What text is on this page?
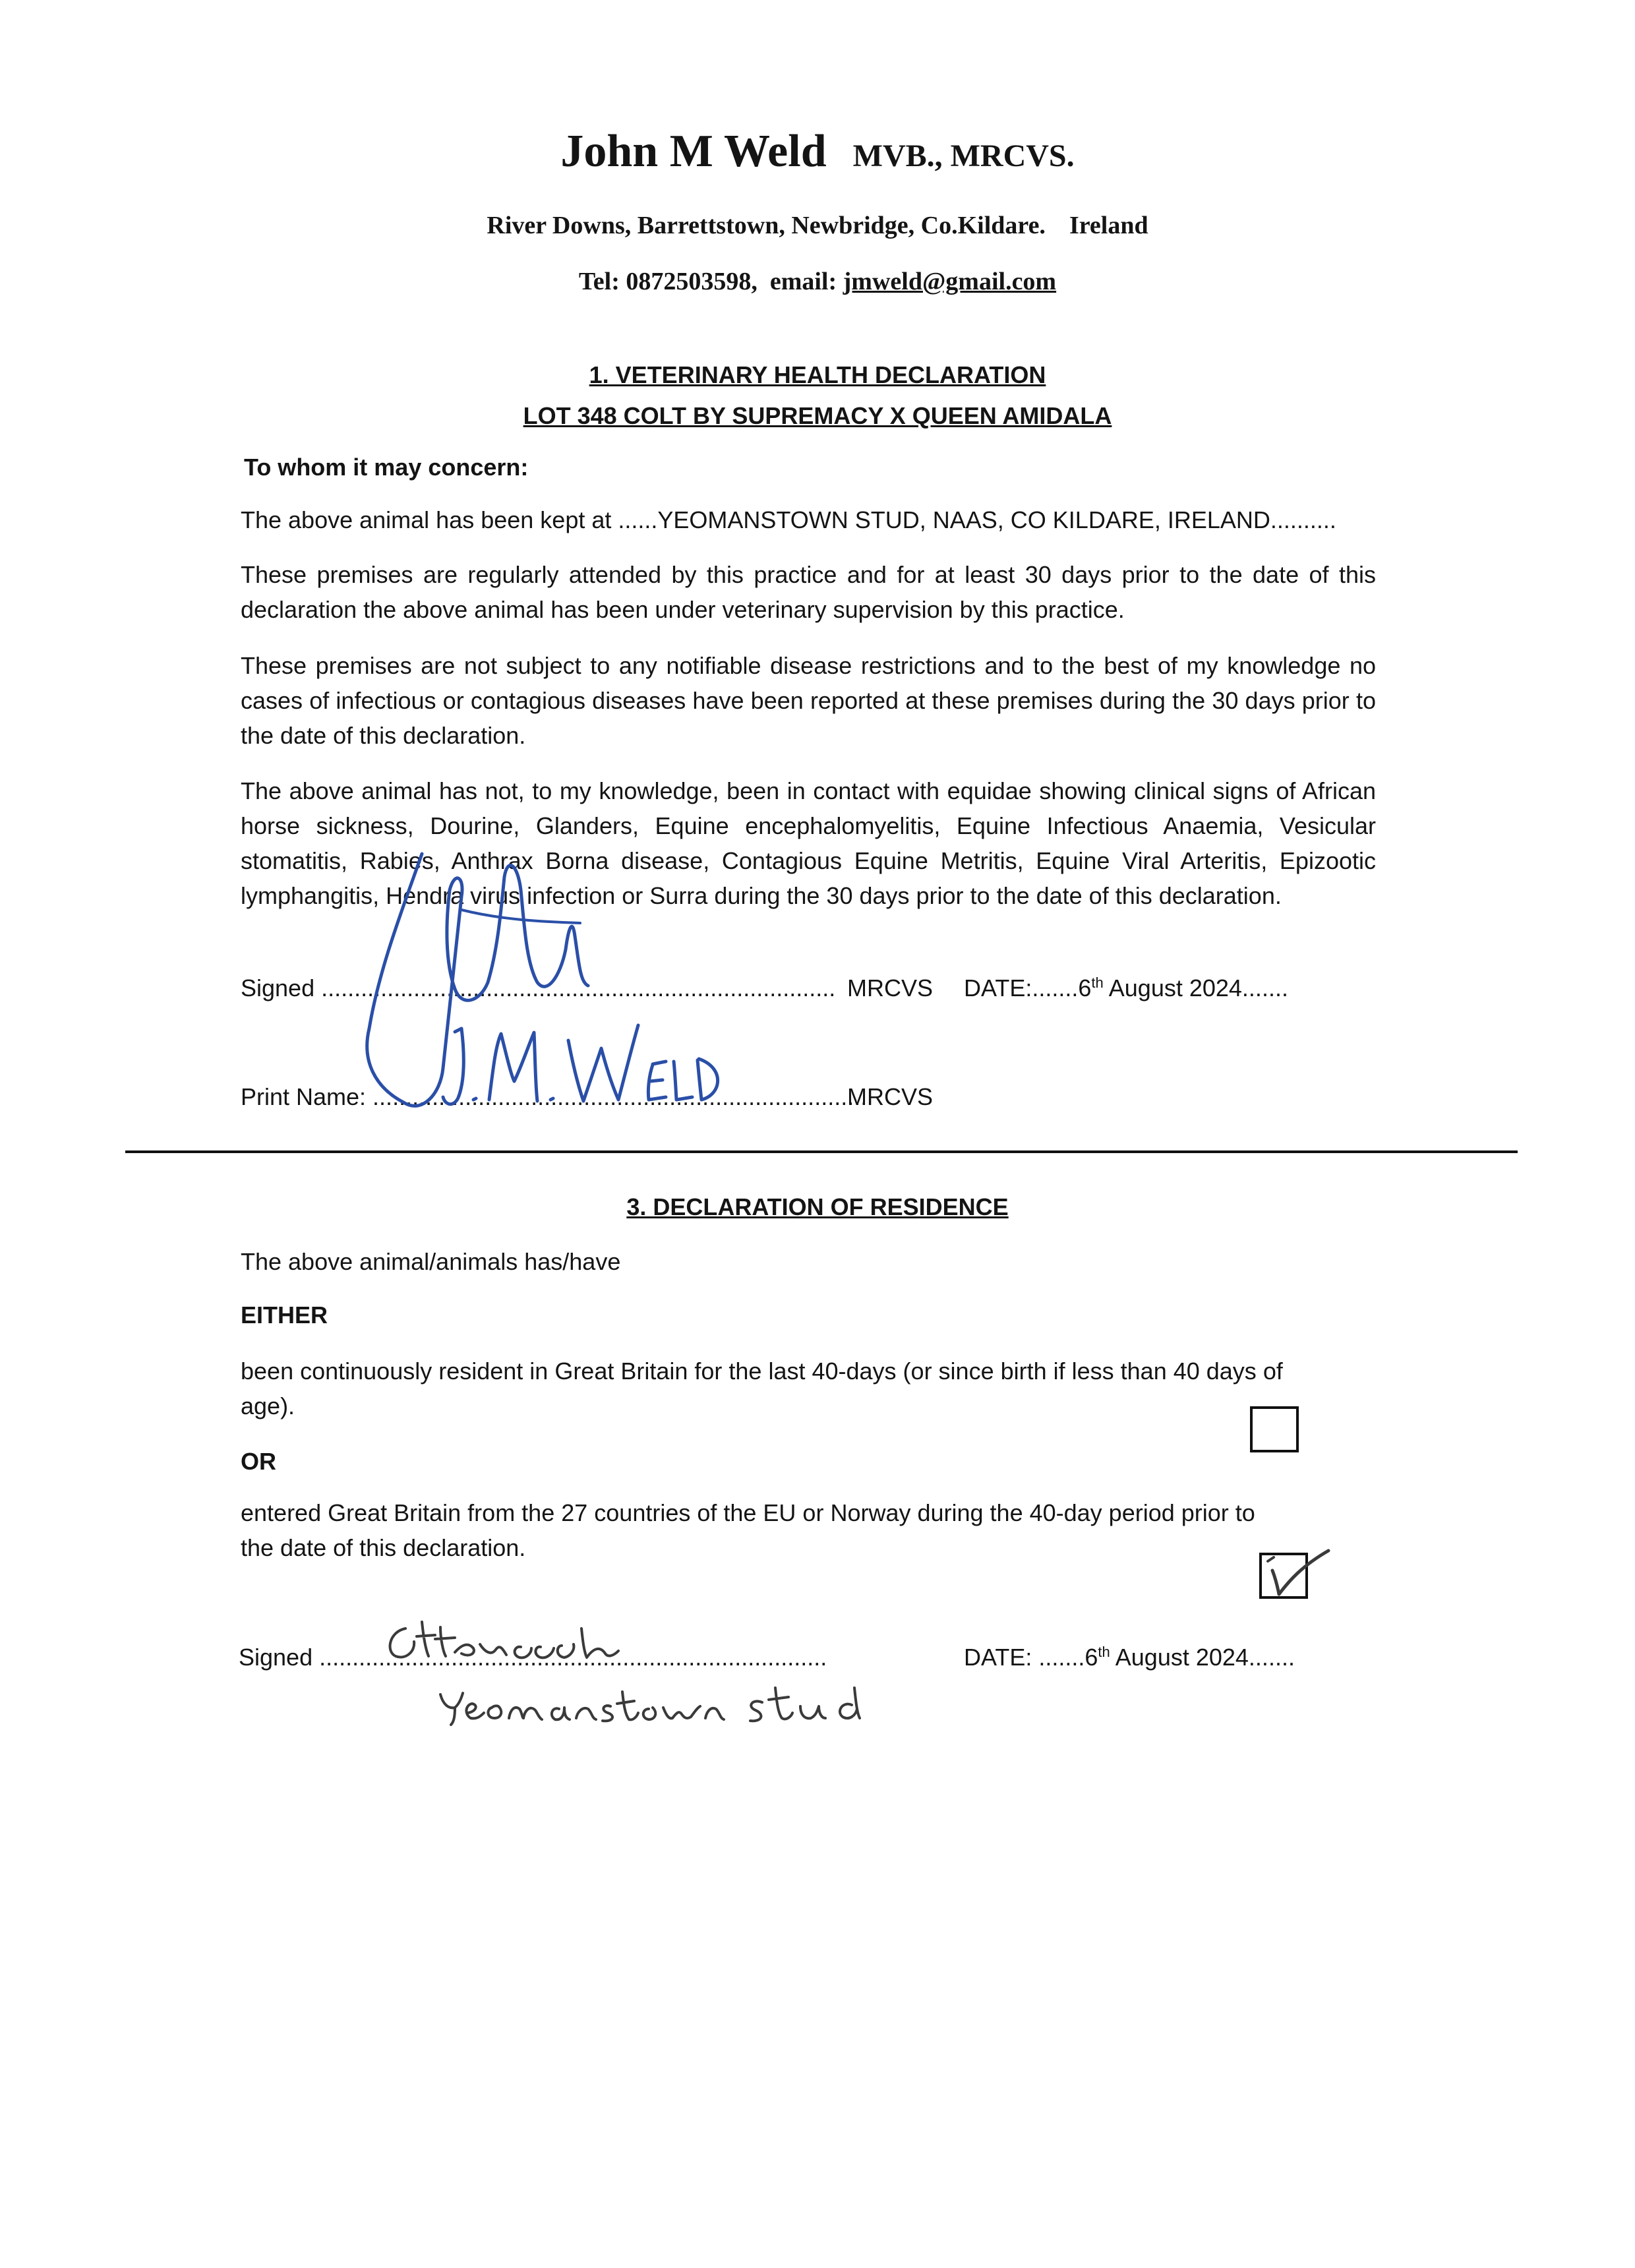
John M Weld MVB., MRCVS.
River Downs, Barrettstown, Newbridge, Co.Kildare. Ireland
Tel: 0872503598, email: jmweld@gmail.com
1. VETERINARY HEALTH DECLARATION
LOT 348 COLT BY SUPREMACY X QUEEN AMIDALA
To whom it may concern:
The above animal has been kept at ......YEOMANSTOWN STUD, NAAS, CO KILDARE, IRELAND..........
These premises are regularly attended by this practice and for at least 30 days prior to the date of this declaration the above animal has been under veterinary supervision by this practice.
These premises are not subject to any notifiable disease restrictions and to the best of my knowledge no cases of infectious or contagious diseases have been reported at these premises during the 30 days prior to the date of this declaration.
The above animal has not, to my knowledge, been in contact with equidae showing clinical signs of African horse sickness, Dourine, Glanders, Equine encephalomyelitis, Equine Infectious Anaemia, Vesicular stomatitis, Rabies, Anthrax Borna disease, Contagious Equine Metritis, Equine Viral Arteritis, Epizootic lymphangitis, Hendra virus infection or Surra during the 30 days prior to the date of this declaration.
Signed .............................................................................. MRCVS DATE:.......6th August 2024.......
Print Name: ...........................................................................
MRCVS
3. DECLARATION OF RESIDENCE
The above animal/animals has/have
EITHER
been continuously resident in Great Britain for the last 40-days (or since birth if less than 40 days of
age).
OR
entered Great Britain from the 27 countries of the EU or Norway during the 40-day period prior to
the date of this declaration.
Signed .............................................................................	DATE: .......6th August 2024.......
